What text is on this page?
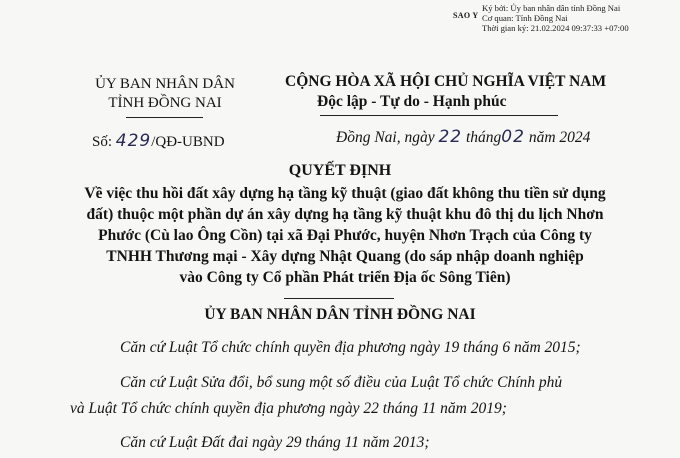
SAO Y
Ký bởi: Ủy ban nhân dân tỉnh Đồng Nai
Cơ quan: Tỉnh Đồng Nai
Thời gian ký: 21.02.2024 09:37:33 +07:00
ỦY BAN NHÂN DÂN
TỈNH ĐỒNG NAI
CỘNG HÒA XÃ HỘI CHỦ NGHĨA VIỆT NAM
Độc lập - Tự do - Hạnh phúc
Số: 429/QĐ-UBND	Đồng Nai, ngày 22 tháng02 năm 2024
QUYẾT ĐỊNH
Về việc thu hồi đất xây dựng hạ tầng kỹ thuật (giao đất không thu tiền sử dụng
đất) thuộc một phần dự án xây dựng hạ tầng kỹ thuật khu đô thị du lịch Nhơn
Phước (Cù lao Ông Cồn) tại xã Đại Phước, huyện Nhơn Trạch của Công ty
TNHH Thương mại - Xây dựng Nhật Quang (do sáp nhập doanh nghiệp
vào Công ty Cổ phần Phát triển Địa ốc Sông Tiên)
ỦY BAN NHÂN DÂN TỈNH ĐỒNG NAI
Căn cứ Luật Tổ chức chính quyền địa phương ngày 19 tháng 6 năm 2015;
Căn cứ Luật Sửa đổi, bổ sung một số điều của Luật Tổ chức Chính phủ
và Luật Tổ chức chính quyền địa phương ngày 22 tháng 11 năm 2019;
Căn cứ Luật Đất đai ngày 29 tháng 11 năm 2013;
